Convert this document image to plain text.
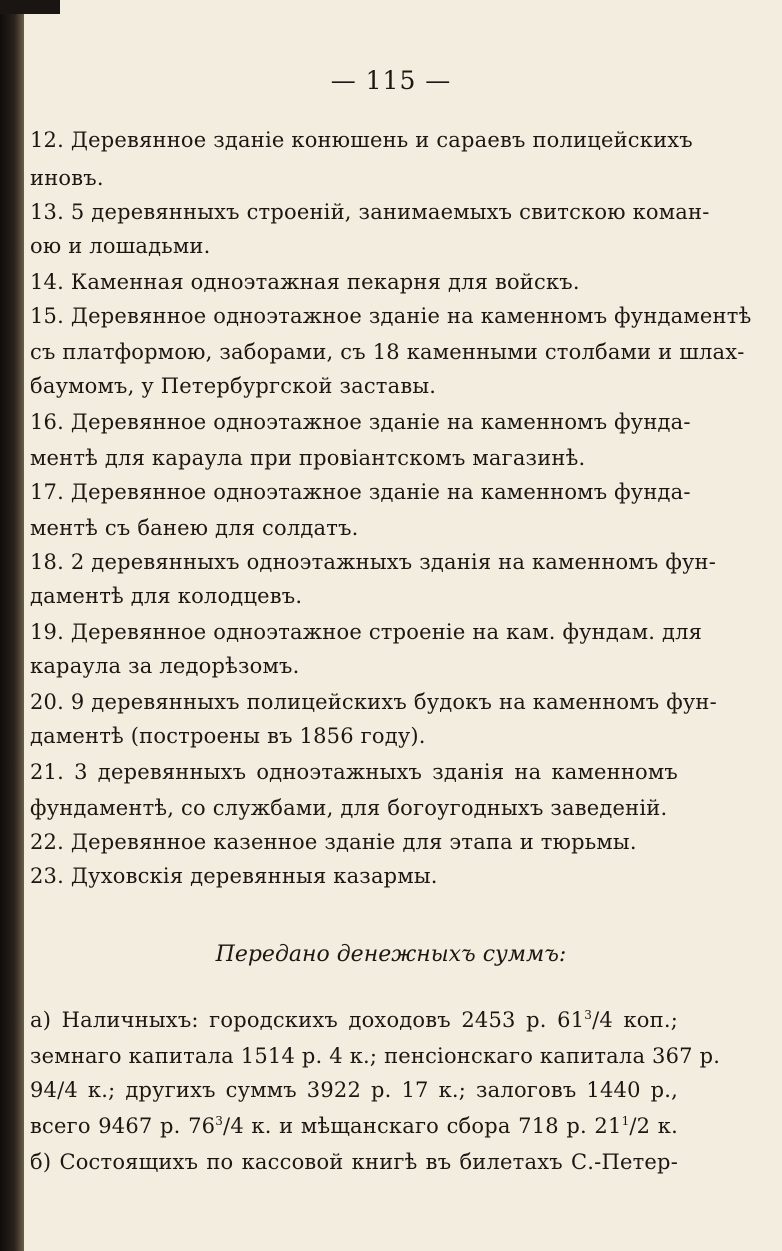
— 115 —
12. Деревянное зданіе конюшень и сараевъ полицейскихъ
иновъ.
13. 5 деревянныхъ строеній, занимаемыхъ свитскою коман-
ою и лошадьми.
14. Каменная одноэтажная пекарня для войскъ.
15. Деревянное одноэтажное зданіе на каменномъ фундаментѣ
съ платформою, заборами, съ 18 каменными столбами и шлах-
баумомъ, у Петербургской заставы.
16. Деревянное одноэтажное зданіе на каменномъ фунда-
ментѣ для караула при провіантскомъ магазинѣ.
17. Деревянное одноэтажное зданіе на каменномъ фунда-
ментѣ съ банею для солдатъ.
18. 2 деревянныхъ одноэтажныхъ зданія на каменномъ фун-
даментѣ для колодцевъ.
19. Деревянное одноэтажное строеніе на кам. фундам. для
караула за ледорѣзомъ.
20. 9 деревянныхъ полицейскихъ будокъ на каменномъ фун-
даментѣ (построены въ 1856 году).
21. 3 деревянныхъ одноэтажныхъ зданія на каменномъ
фундаментѣ, со службами, для богоугодныхъ заведеній.
22. Деревянное казенное зданіе для этапа и тюрьмы.
23. Духовскія деревянныя казармы.
Передано денежныхъ суммъ:
а) Наличныхъ: городскихъ доходовъ 2453 р. $61^3/4$ коп.;
земнаго капитала 1514 р. 4 к.; пенсіонскаго капитала 367 р.
94/4 к.; другихъ суммъ 3922 р. 17 к.; залоговъ 1440 р.,
всего 9467 р. $76^3/4$ к. и мѣщанскаго сбора 718 р. $21^1/2$ к.
б) Состоящихъ по кассовой книгѣ въ билетахъ С.-Петер-
